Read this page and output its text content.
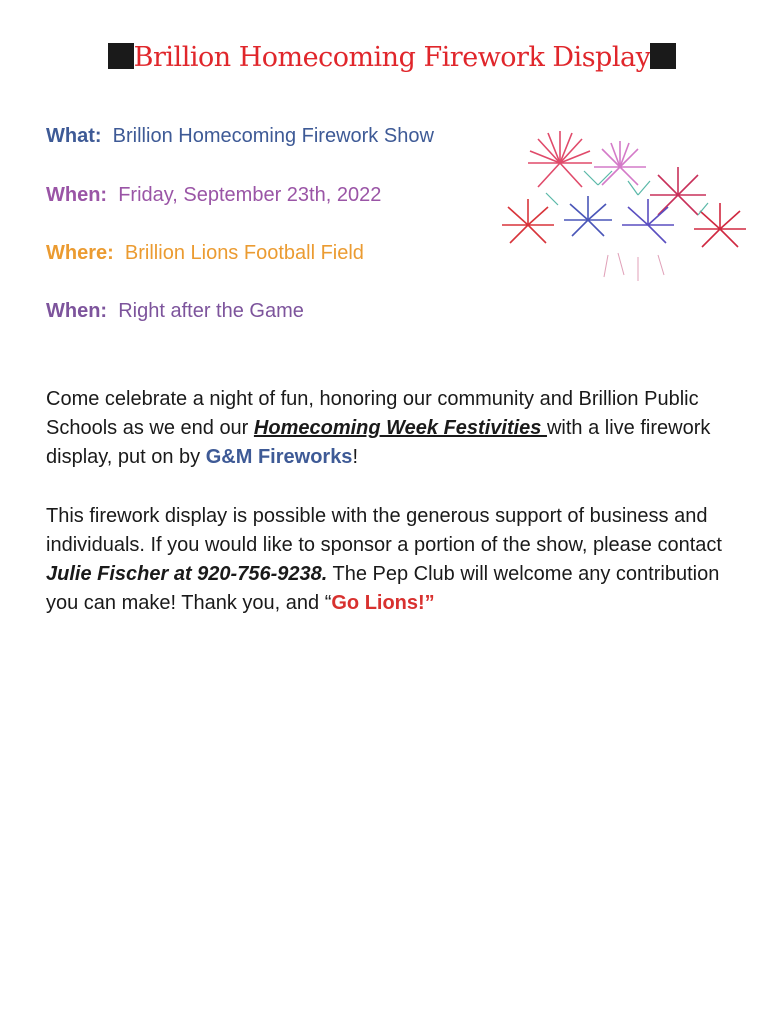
Brillion Homecoming Firework Display
What: Brillion Homecoming Firework Show
When: Friday, September 23th, 2022
Where: Brillion Lions Football Field
When: Right after the Game
Come celebrate a night of fun, honoring our community and Brillion Public Schools as we end our Homecoming Week Festivities with a live firework display, put on by G&M Fireworks!
This firework display is possible with the generous support of business and individuals. If you would like to sponsor a portion of the show, please contact Julie Fischer at 920-756-9238. The Pep Club will welcome any contribution you can make! Thank you, and “Go Lions!”
